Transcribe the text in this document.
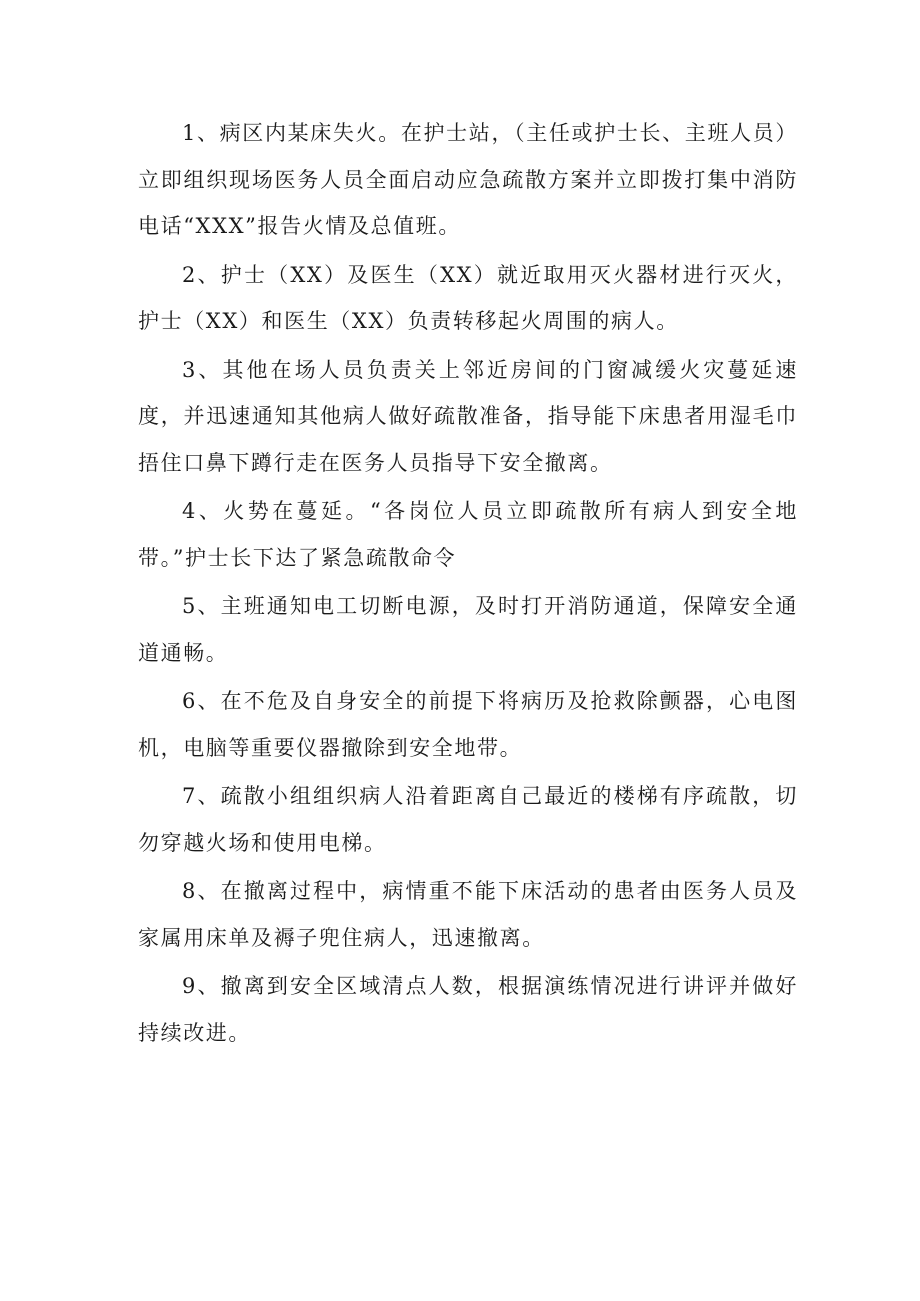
1、病区内某床失火。在护士站，（主任或护士长、主班人员）立即组织现场医务人员全面启动应急疏散方案并立即拨打集中消防电话“XXX”报告火情及总值班。

2、护士（XX）及医生（XX）就近取用灭火器材进行灭火，护士（XX）和医生（XX）负责转移起火周围的病人。

3、其他在场人员负责关上邻近房间的门窗减缓火灾蔓延速度，并迅速通知其他病人做好疏散准备，指导能下床患者用湿毛巾捂住口鼻下蹲行走在医务人员指导下安全撤离。

4、火势在蔓延。“各岗位人员立即疏散所有病人到安全地带。”护士长下达了紧急疏散命令

5、主班通知电工切断电源，及时打开消防通道，保障安全通道通畅。

6、在不危及自身安全的前提下将病历及抢救除颤器，心电图机，电脑等重要仪器撤除到安全地带。

7、疏散小组组织病人沿着距离自己最近的楼梯有序疏散，切勿穿越火场和使用电梯。

8、在撤离过程中，病情重不能下床活动的患者由医务人员及家属用床单及褥子兜住病人，迅速撤离。

9、撤离到安全区域清点人数，根据演练情况进行讲评并做好持续改进。
